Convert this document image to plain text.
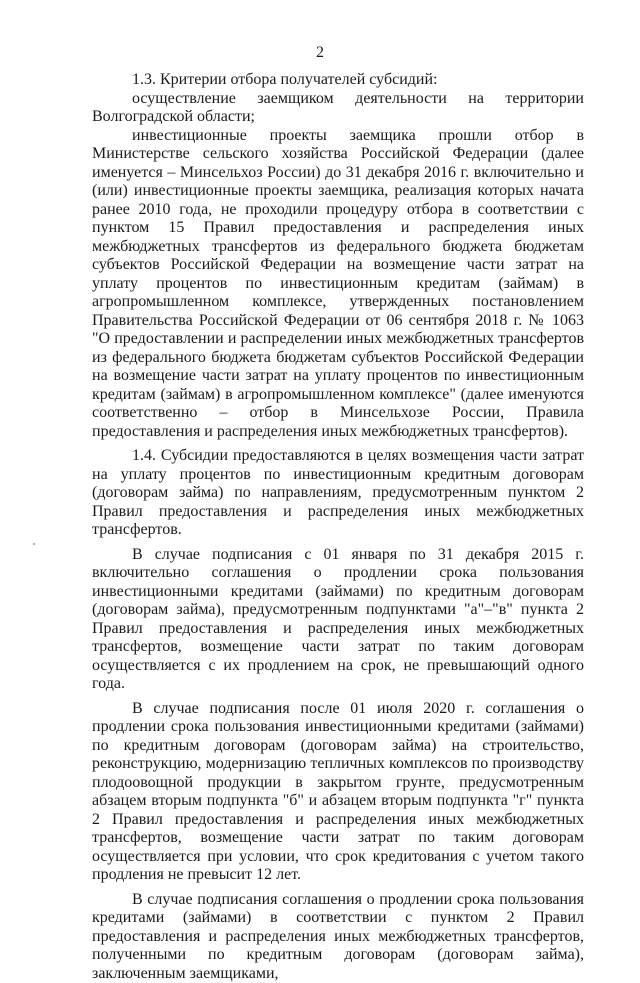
2

1.3. Критерии отбора получателей субсидий:

осуществление заемщиком деятельности на территории Волгоградской области;

инвестиционные проекты заемщика прошли отбор в Министерстве сельского хозяйства Российской Федерации (далее именуется – Минсельхоз России) до 31 декабря 2016 г. включительно и (или) инвестиционные проекты заемщика, реализация которых начата ранее 2010 года, не проходили процедуру отбора в соответствии с пунктом 15 Правил предоставления и распределения иных межбюджетных трансфертов из федерального бюджета бюджетам субъектов Российской Федерации на возмещение части затрат на уплату процентов по инвестиционным кредитам (займам) в агропромышленном комплексе, утвержденных постановлением Правительства Российской Федерации от 06 сентября 2018 г. № 1063 "О предоставлении и распределении иных межбюджетных трансфертов из федерального бюджета бюджетам субъектов Российской Федерации на возмещение части затрат на уплату процентов по инвестиционным кредитам (займам) в агропромышленном комплексе" (далее именуются соответственно – отбор в Минсельхозе России, Правила предоставления и распределения иных межбюджетных трансфертов).

1.4. Субсидии предоставляются в целях возмещения части затрат на уплату процентов по инвестиционным кредитным договорам (договорам займа) по направлениям, предусмотренным пунктом 2 Правил предоставления и распределения иных межбюджетных трансфертов.

В случае подписания с 01 января по 31 декабря 2015 г. включительно соглашения о продлении срока пользования инвестиционными кредитами (займами) по кредитным договорам (договорам займа), предусмотренным подпунктами "а"–"в" пункта 2 Правил предоставления и распределения иных межбюджетных трансфертов, возмещение части затрат по таким договорам осуществляется с их продлением на срок, не превышающий одного года.

В случае подписания после 01 июля 2020 г. соглашения о продлении срока пользования инвестиционными кредитами (займами) по кредитным договорам (договорам займа) на строительство, реконструкцию, модернизацию тепличных комплексов по производству плодоовощной продукции в закрытом грунте, предусмотренным абзацем вторым подпункта "б" и абзацем вторым подпункта "г" пункта 2 Правил предоставления и распределения иных межбюджетных трансфертов, возмещение части затрат по таким договорам осуществляется при условии, что срок кредитования с учетом такого продления не превысит 12 лет.

В случае подписания соглашения о продлении срока пользования кредитами (займами) в соответствии с пунктом 2 Правил предоставления и распределения иных межбюджетных трансфертов, полученными по кредитным договорам (договорам займа), заключенным заемщиками,
